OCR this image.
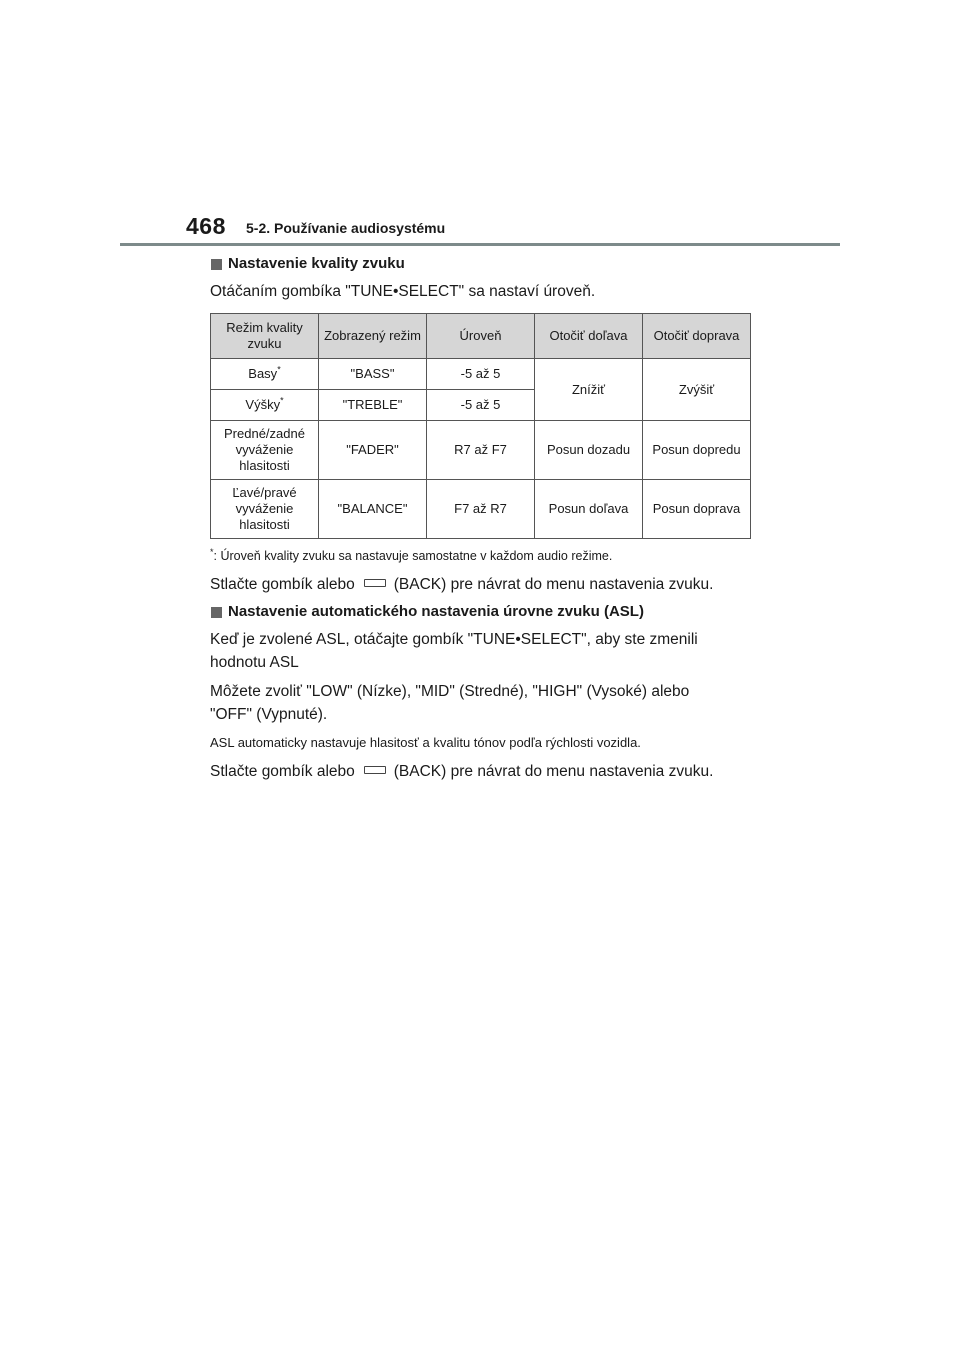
468 5-2. Používanie audiosystému

Nastavenie kvality zvuku

Otáčaním gombíka "TUNE•SELECT" sa nastaví úroveň.

Režim kvality zvuku	Zobrazený režim	Úroveň	Otočiť doľava	Otočiť doprava
Basy*	"BASS"	-5 až 5	Znížiť	Zvýšiť
Výšky*	"TREBLE"	-5 až 5		
Predné/zadné vyváženie hlasitosti	"FADER"	R7 až F7	Posun dozadu	Posun dopredu
Ľavé/pravé vyváženie hlasitosti	"BALANCE"	F7 až R7	Posun doľava	Posun doprava

*: Úroveň kvality zvuku sa nastavuje samostatne v každom audio režime.

Stlačte gombík alebo	(BACK) pre návrat do menu nastavenia zvuku.

Nastavenie automatického nastavenia úrovne zvuku (ASL)

Keď je zvolené ASL, otáčajte gombík "TUNE•SELECT", aby ste zmenili
hodnotu ASL

Môžete zvoliť "LOW" (Nízke), "MID" (Stredné), "HIGH" (Vysoké) alebo
"OFF" (Vypnuté).

ASL automaticky nastavuje hlasitosť a kvalitu tónov podľa rýchlosti vozidla.

Stlačte gombík alebo	(BACK) pre návrat do menu nastavenia zvuku.
